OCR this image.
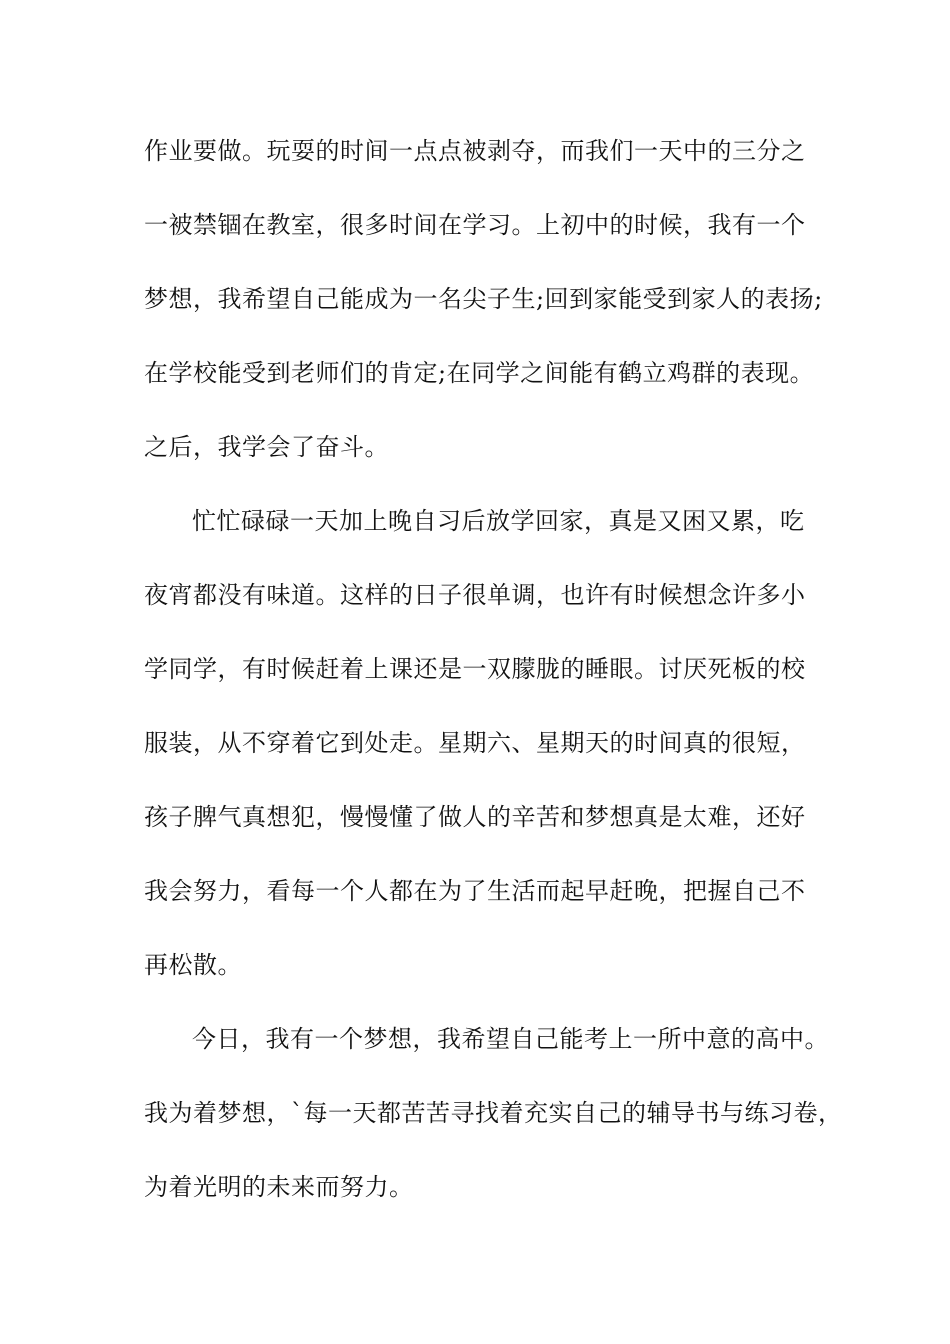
作业要做。玩耍的时间一点点被剥夺，而我们一天中的三分之
一被禁锢在教室，很多时间在学习。上初中的时候，我有一个
梦想，我希望自己能成为一名尖子生;回到家能受到家人的表扬;
在学校能受到老师们的肯定;在同学之间能有鹤立鸡群的表现。
之后，我学会了奋斗。
忙忙碌碌一天加上晚自习后放学回家，真是又困又累，吃
夜宵都没有味道。这样的日子很单调，也许有时候想念许多小
学同学，有时候赶着上课还是一双朦胧的睡眼。讨厌死板的校
服装，从不穿着它到处走。星期六、星期天的时间真的很短，
孩子脾气真想犯，慢慢懂了做人的辛苦和梦想真是太难，还好
我会努力，看每一个人都在为了生活而起早赶晚，把握自己不
再松散。
今日，我有一个梦想，我希望自己能考上一所中意的高中。
我为着梦想，`每一天都苦苦寻找着充实自己的辅导书与练习卷，
为着光明的未来而努力。
